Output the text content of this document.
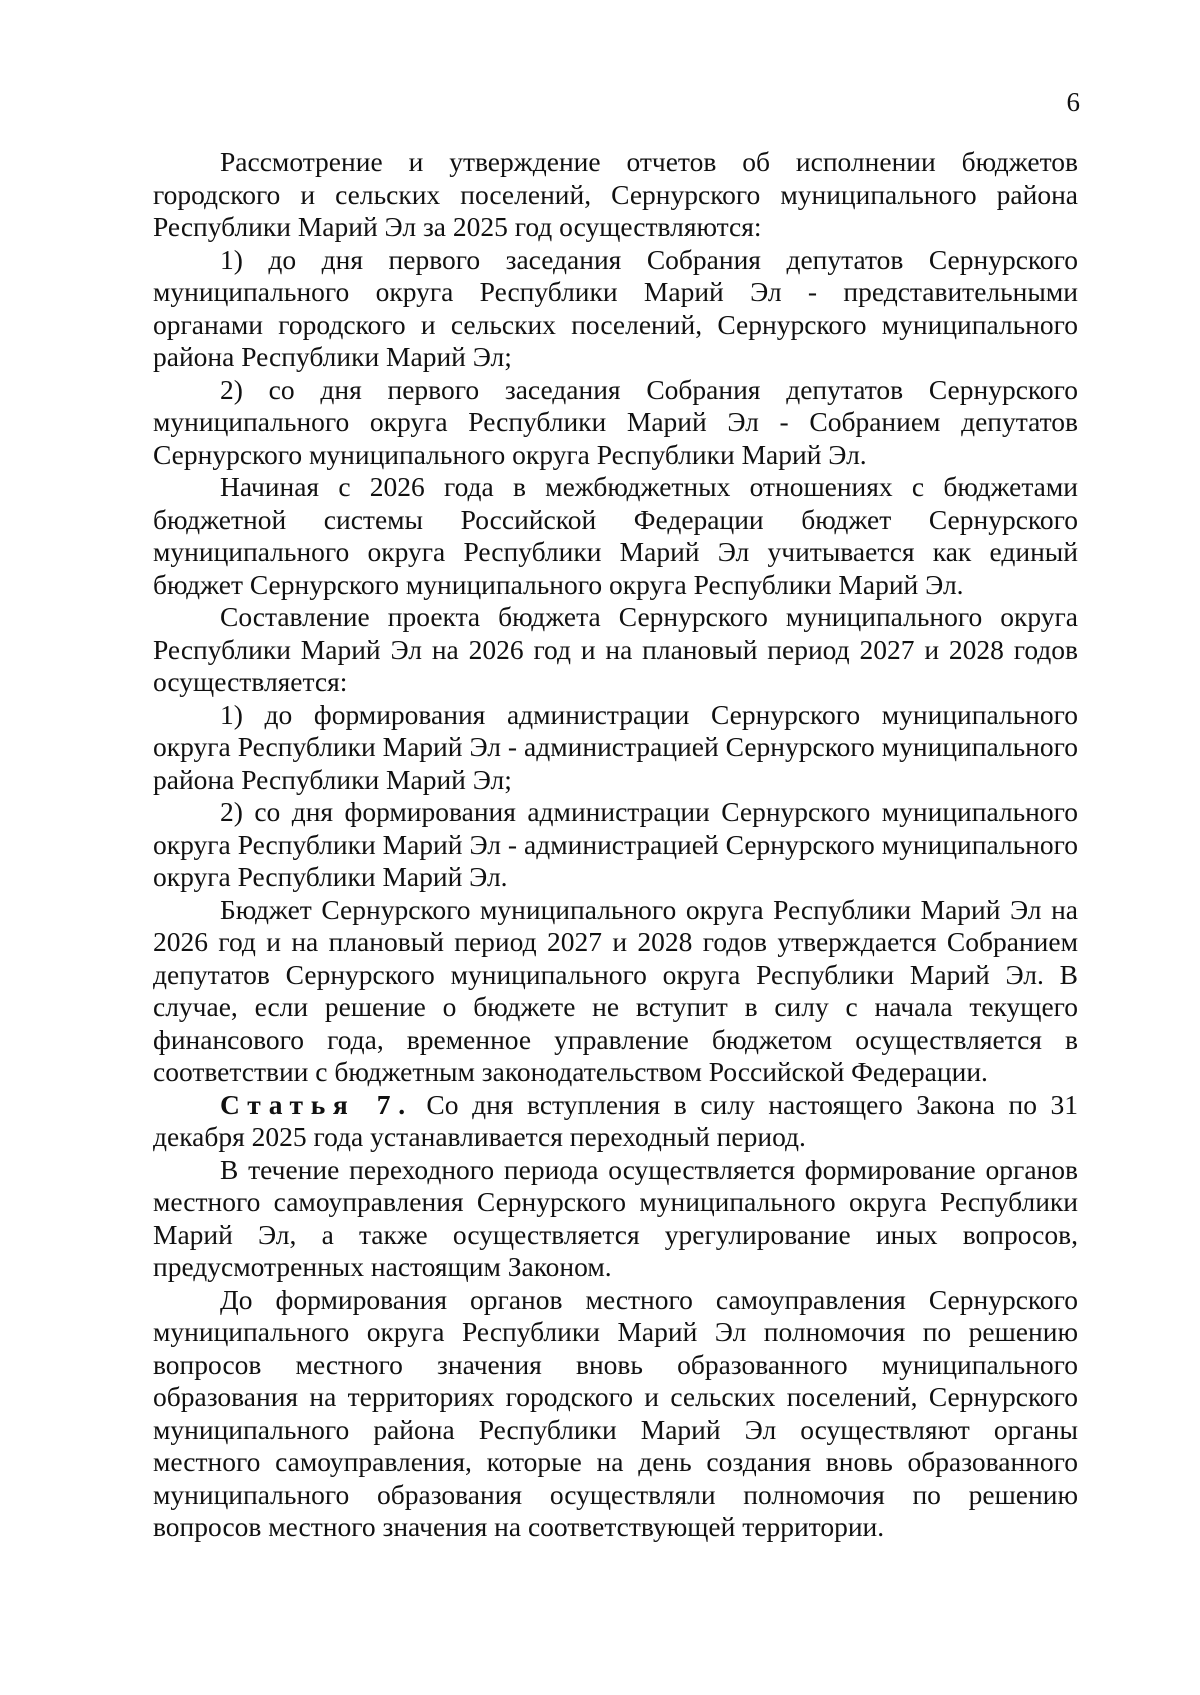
6

Рассмотрение и утверждение отчетов об исполнении бюджетов городского и сельских поселений, Сернурского муниципального района Республики Марий Эл за 2025 год осуществляются:

1) до дня первого заседания Собрания депутатов Сернурского муниципального округа Республики Марий Эл - представительными органами городского и сельских поселений, Сернурского муниципального района Республики Марий Эл;

2) со дня первого заседания Собрания депутатов Сернурского муниципального округа Республики Марий Эл - Собранием депутатов Сернурского муниципального округа Республики Марий Эл.

Начиная с 2026 года в межбюджетных отношениях с бюджетами бюджетной системы Российской Федерации бюджет Сернурского муниципального округа Республики Марий Эл учитывается как единый бюджет Сернурского муниципального округа Республики Марий Эл.

Составление проекта бюджета Сернурского муниципального округа Республики Марий Эл на 2026 год и на плановый период 2027 и 2028 годов осуществляется:

1) до формирования администрации Сернурского муниципального округа Республики Марий Эл - администрацией Сернурского муниципального района Республики Марий Эл;

2) со дня формирования администрации Сернурского муниципального округа Республики Марий Эл - администрацией Сернурского муниципального округа Республики Марий Эл.

Бюджет Сернурского муниципального округа Республики Марий Эл на 2026 год и на плановый период 2027 и 2028 годов утверждается Собранием депутатов Сернурского муниципального округа Республики Марий Эл. В случае, если решение о бюджете не вступит в силу с начала текущего финансового года, временное управление бюджетом осуществляется в соответствии с бюджетным законодательством Российской Федерации.

Статья 7. Со дня вступления в силу настоящего Закона по 31 декабря 2025 года устанавливается переходный период.

В течение переходного периода осуществляется формирование органов местного самоуправления Сернурского муниципального округа Республики Марий Эл, а также осуществляется урегулирование иных вопросов, предусмотренных настоящим Законом.

До формирования органов местного самоуправления Сернурского муниципального округа Республики Марий Эл полномочия по решению вопросов местного значения вновь образованного муниципального образования на территориях городского и сельских поселений, Сернурского муниципального района Республики Марий Эл осуществляют органы местного самоуправления, которые на день создания вновь образованного муниципального образования осуществляли полномочия по решению вопросов местного значения на соответствующей территории.
